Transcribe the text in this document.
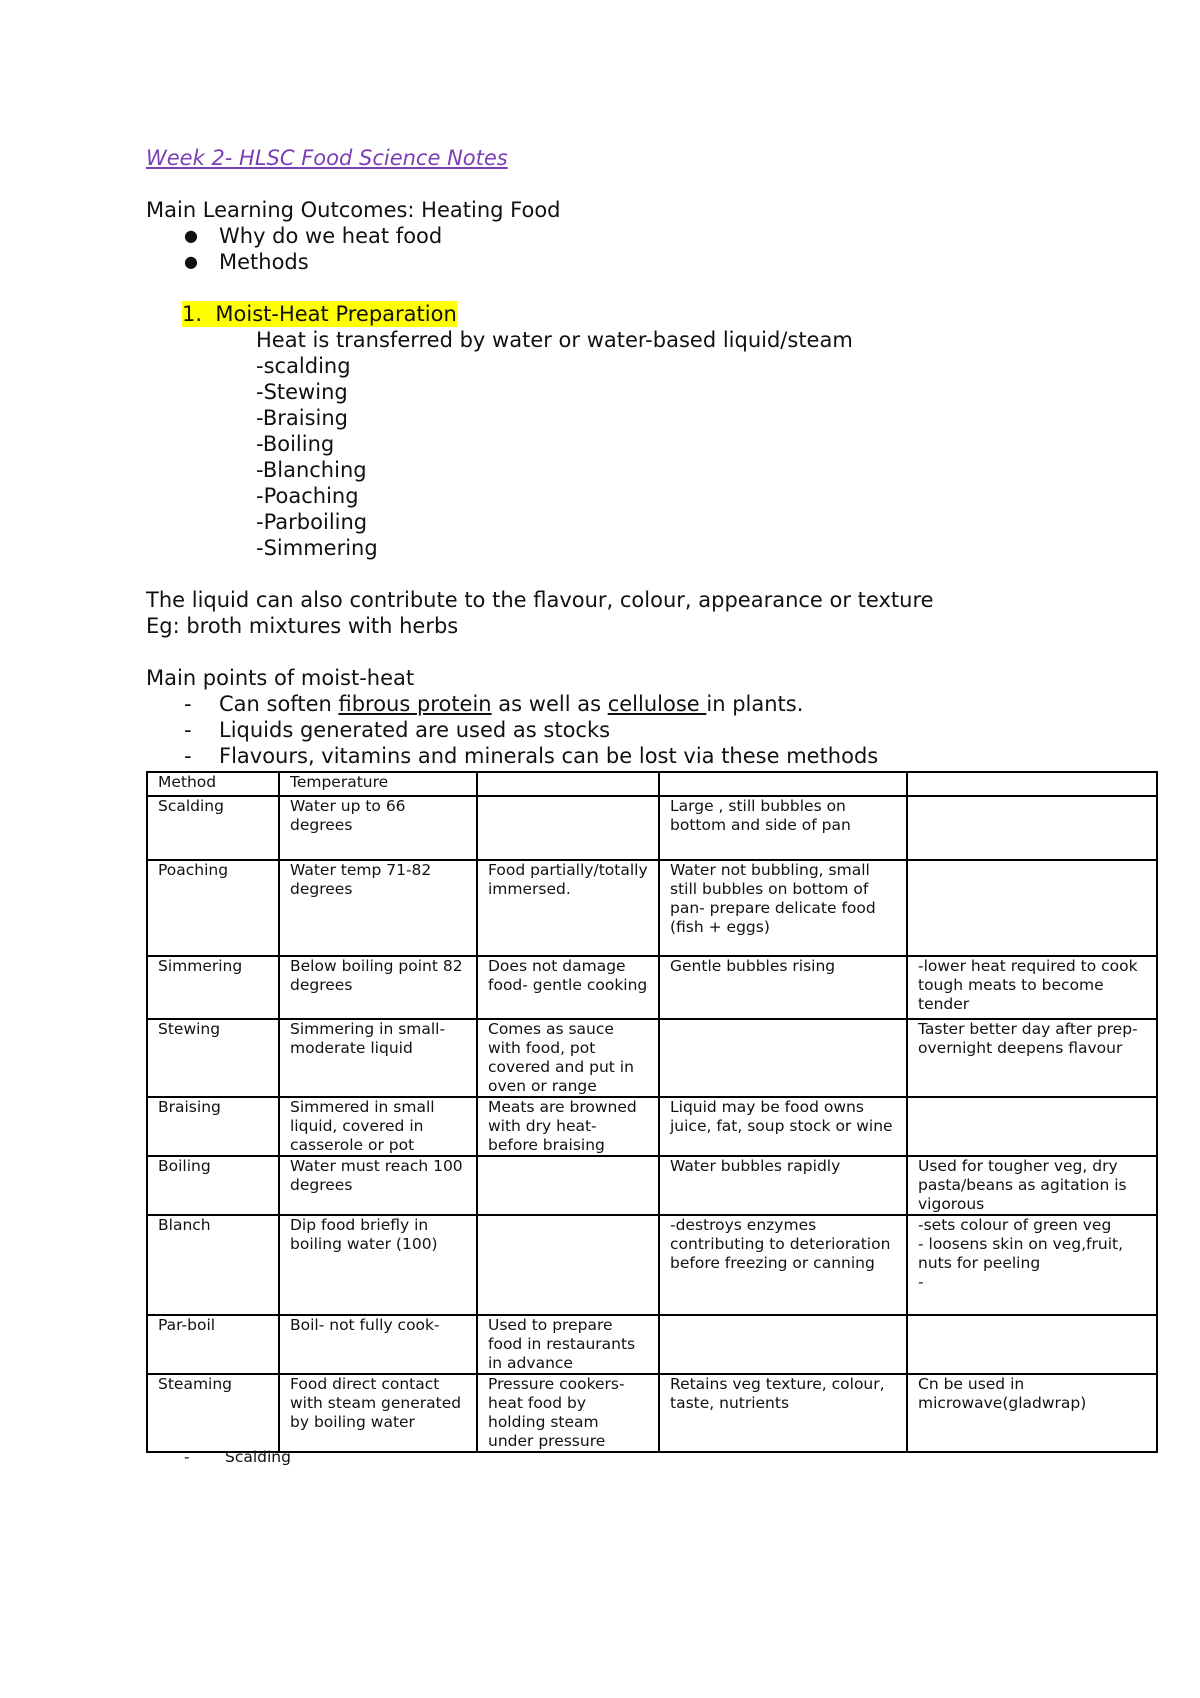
Week 2- HLSC Food Science Notes
Main Learning Outcomes: Heating Food
● Why do we heat food
● Methods
1. Moist-Heat Preparation
Heat is transferred by water or water-based liquid/steam
-scalding
-Stewing
-Braising
-Boiling
-Blanching
-Poaching
-Parboiling
-Simmering
The liquid can also contribute to the flavour, colour, appearance or texture
Eg: broth mixtures with herbs
Main points of moist-heat
- Can soften fibrous protein as well as cellulose in plants.
- Liquids generated are used as stocks
- Flavours, vitamins and minerals can be lost via these methods
Method	Temperature			
Scalding	Water up to 66 degrees		Large , still bubbles on bottom and side of pan	
Poaching	Water temp 71-82 degrees	Food partially/totally immersed.	Water not bubbling, small still bubbles on bottom of pan- prepare delicate food (fish + eggs)	
Simmering	Below boiling point 82 degrees	Does not damage food- gentle cooking	Gentle bubbles rising	-lower heat required to cook tough meats to become tender
Stewing	Simmering in small-moderate liquid	Comes as sauce with food, pot covered and put in oven or range		Taster better day after prep- overnight deepens flavour
Braising	Simmered in small liquid, covered in casserole or pot	Meats are browned with dry heat- before braising	Liquid may be food owns juice, fat, soup stock or wine	
Boiling	Water must reach 100 degrees		Water bubbles rapidly	Used for tougher veg, dry pasta/beans as agitation is vigorous
Blanch	Dip food briefly in boiling water (100)		-destroys enzymes contributing to deterioration before freezing or canning	-sets colour of green veg
- loosens skin on veg,fruit, nuts for peeling
-
Par-boil	Boil- not fully cook-	Used to prepare food in restaurants in advance		
Steaming	Food direct contact with steam generated by boiling water	Pressure cookers- heat food by holding steam under pressure	Retains veg texture, colour, taste, nutrients	Cn be used in microwave(gladwrap)
- Scalding
